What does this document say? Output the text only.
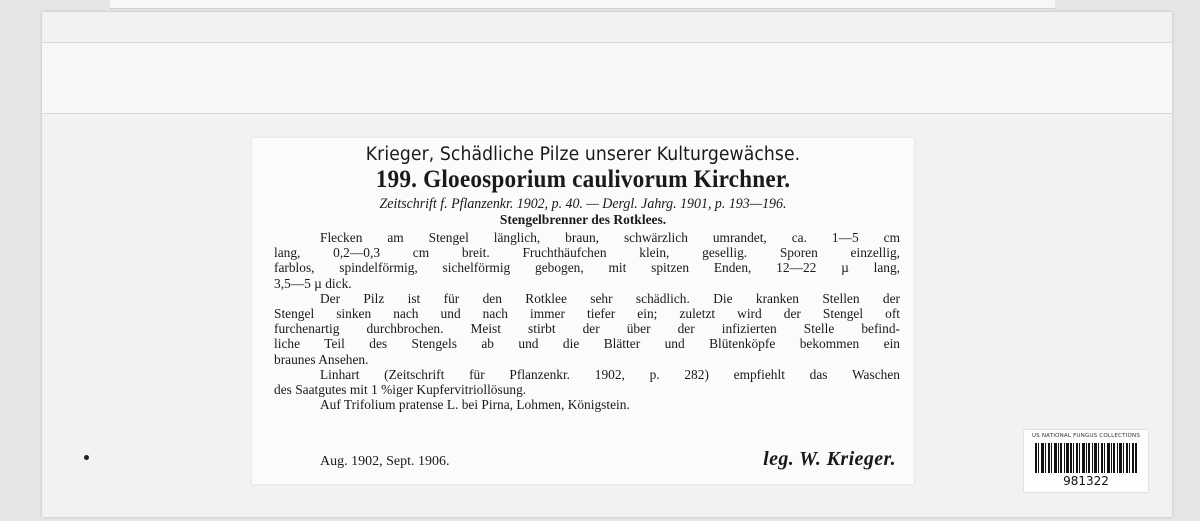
Krieger, Schädliche Pilze unserer Kulturgewächse.
199. Gloeosporium caulivorum Kirchner.
Zeitschrift f. Pflanzenkr. 1902, p. 40. — Dergl. Jahrg. 1901, p. 193—196.
Stengelbrenner des Rotklees.
Flecken am Stengel länglich, braun, schwärzlich umrandet, ca. 1—5 cm
lang, 0,2—0,3 cm breit. Fruchthäufchen klein, gesellig. Sporen einzellig,
farblos, spindelförmig, sichelförmig gebogen, mit spitzen Enden, 12—22 µ lang,
3,5—5 µ dick.
Der Pilz ist für den Rotklee sehr schädlich. Die kranken Stellen der
Stengel sinken nach und nach immer tiefer ein; zuletzt wird der Stengel oft
furchenartig durchbrochen. Meist stirbt der über der infizierten Stelle befind-
liche Teil des Stengels ab und die Blätter und Blütenköpfe bekommen ein
braunes Ansehen.
Linhart (Zeitschrift für Pflanzenkr. 1902, p. 282) empfiehlt das Waschen
des Saatgutes mit 1 %iger Kupfervitriollösung.
Auf Trifolium pratense L. bei Pirna, Lohmen, Königstein.
Aug. 1902, Sept. 1906.	leg. W. Krieger.
US NATIONAL FUNGUS COLLECTIONS
981322
